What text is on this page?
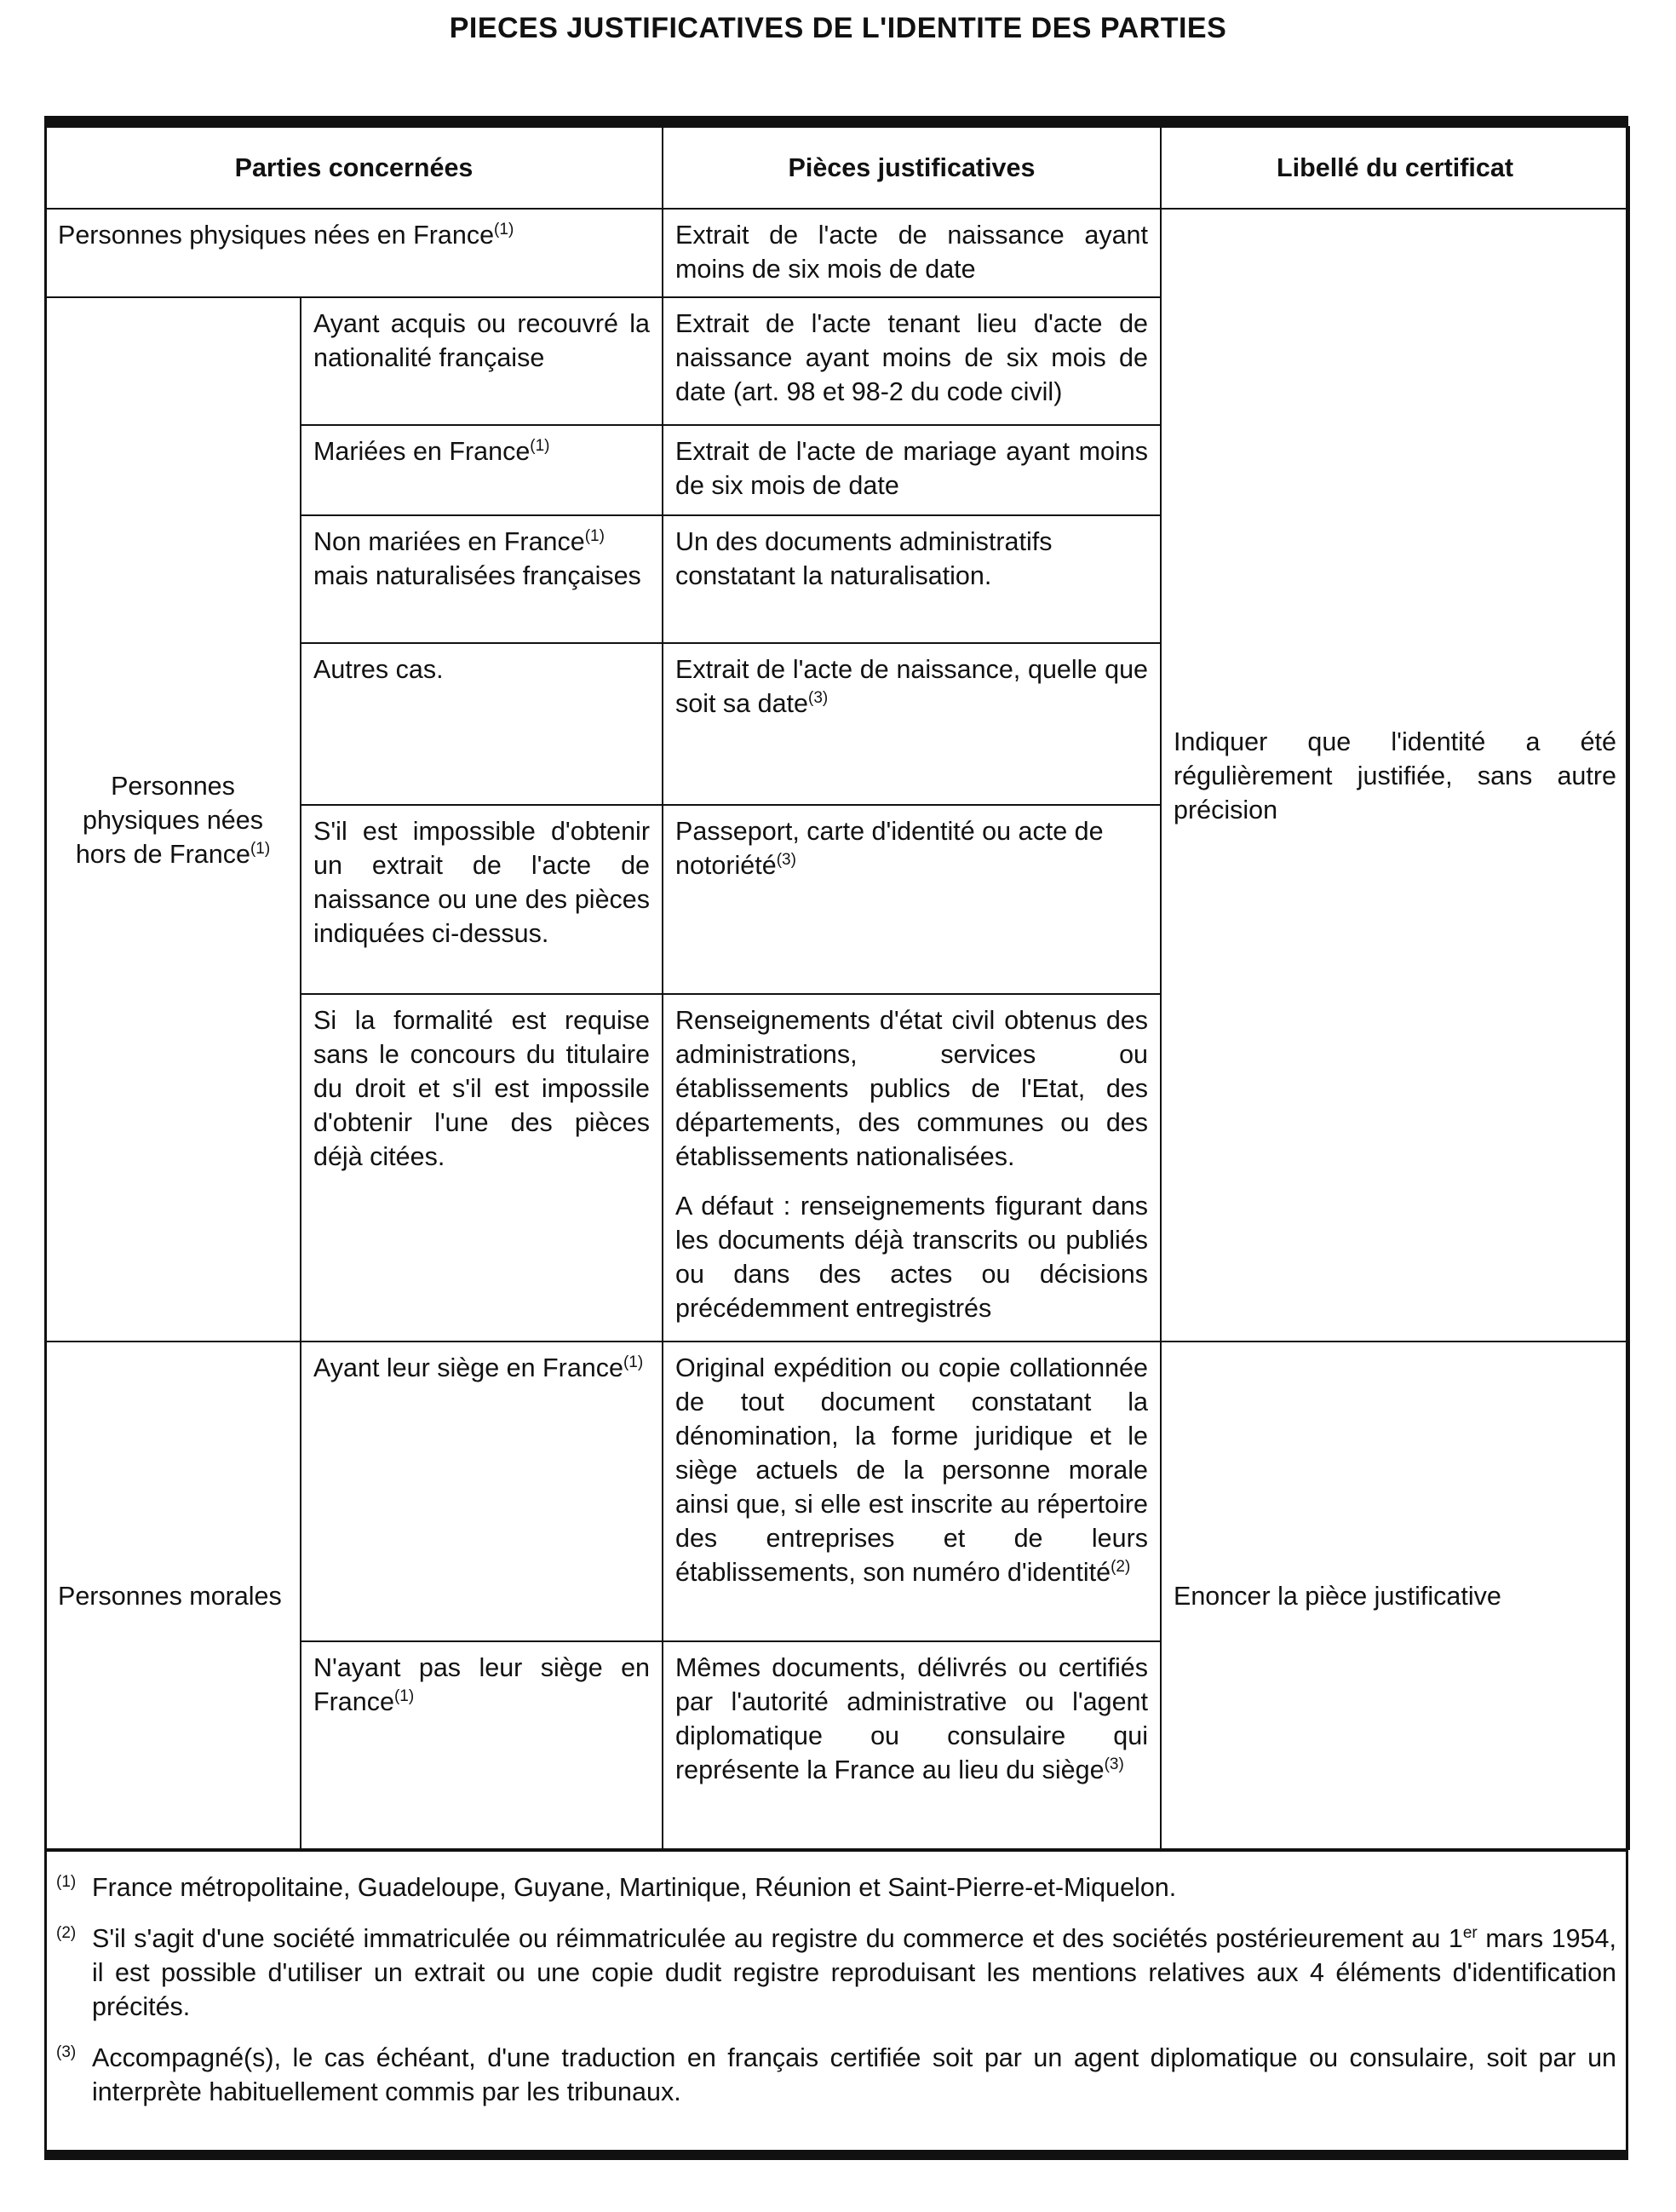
PIECES JUSTIFICATIVES DE L'IDENTITE DES PARTIES
Parties concernées		Pièces justificatives	Libellé du certificat
Personnes physiques nées en France$^{(1)}$		Extrait de l'acte de naissance ayant moins de six mois de date	Indiquer que l'identité a été régulièrement justifiée, sans autre précision
Personnes physiques nées hors de France$^{(1)}$	Ayant acquis ou recouvré la nationalité française	Extrait de l'acte tenant lieu d'acte de naissance ayant moins de six mois de date (art. 98 et 98-2 du code civil)	
	Mariées en France$^{(1)}$	Extrait de l'acte de mariage ayant moins de six mois de date	
	Non mariées en France$^{(1)}$ mais naturalisées françaises	Un des documents administratifs constatant la naturalisation.	
	Autres cas.	Extrait de l'acte de naissance, quelle que soit sa date$^{(3)}$
	S'il est impossible d'obtenir un extrait de l'acte de naissance ou une des pièces indiquées ci-dessus.	Passeport, carte d'identité ou acte de notoriété$^{(3)}$
	Si la formalité est requise sans le concours du titulaire du droit et s'il est impossile d'obtenir l'une des pièces déjà citées.	Renseignements d'état civil obtenus des administrations, services ou établissements publics de l'Etat, des départements, des communes ou des établissements nationalisées.
A défaut : renseignements figurant dans les documents déjà transcrits ou publiés ou dans des actes ou décisions précédemment entregistrés	

Personnes morales	Ayant leur siège en France$^{(1)}$	Original expédition ou copie collationnée de tout document constatant la dénomination, la forme juridique et le siège actuels de la personne morale ainsi que, si elle est inscrite au répertoire des entreprises et de leurs établissements, son numéro d'identité$^{(2)}$	Enoncer la pièce justificative
	N'ayant pas leur siège en France$^{(1)}$	Mêmes documents, délivrés ou certifiés par l'autorité administrative ou l'agent diplomatique ou consulaire qui représente la France au lieu du siège$^{(3)}$
$^{(1)}$ France métropolitaine, Guadeloupe, Guyane, Martinique, Réunion et Saint-Pierre-et-Miquelon.
$^{(2)}$ S'il s'agit d'une société immatriculée ou réimmatriculée au registre du commerce et des sociétés postérieurement au 1er mars 1954, il est possible d'utiliser un extrait ou une copie dudit registre reproduisant les mentions relatives aux 4 éléments d'identification précités.
$^{(3)}$ Accompagné(s), le cas échéant, d'une traduction en français certifiée soit par un agent diplomatique ou consulaire, soit par un interprète habituellement commis par les tribunaux.
